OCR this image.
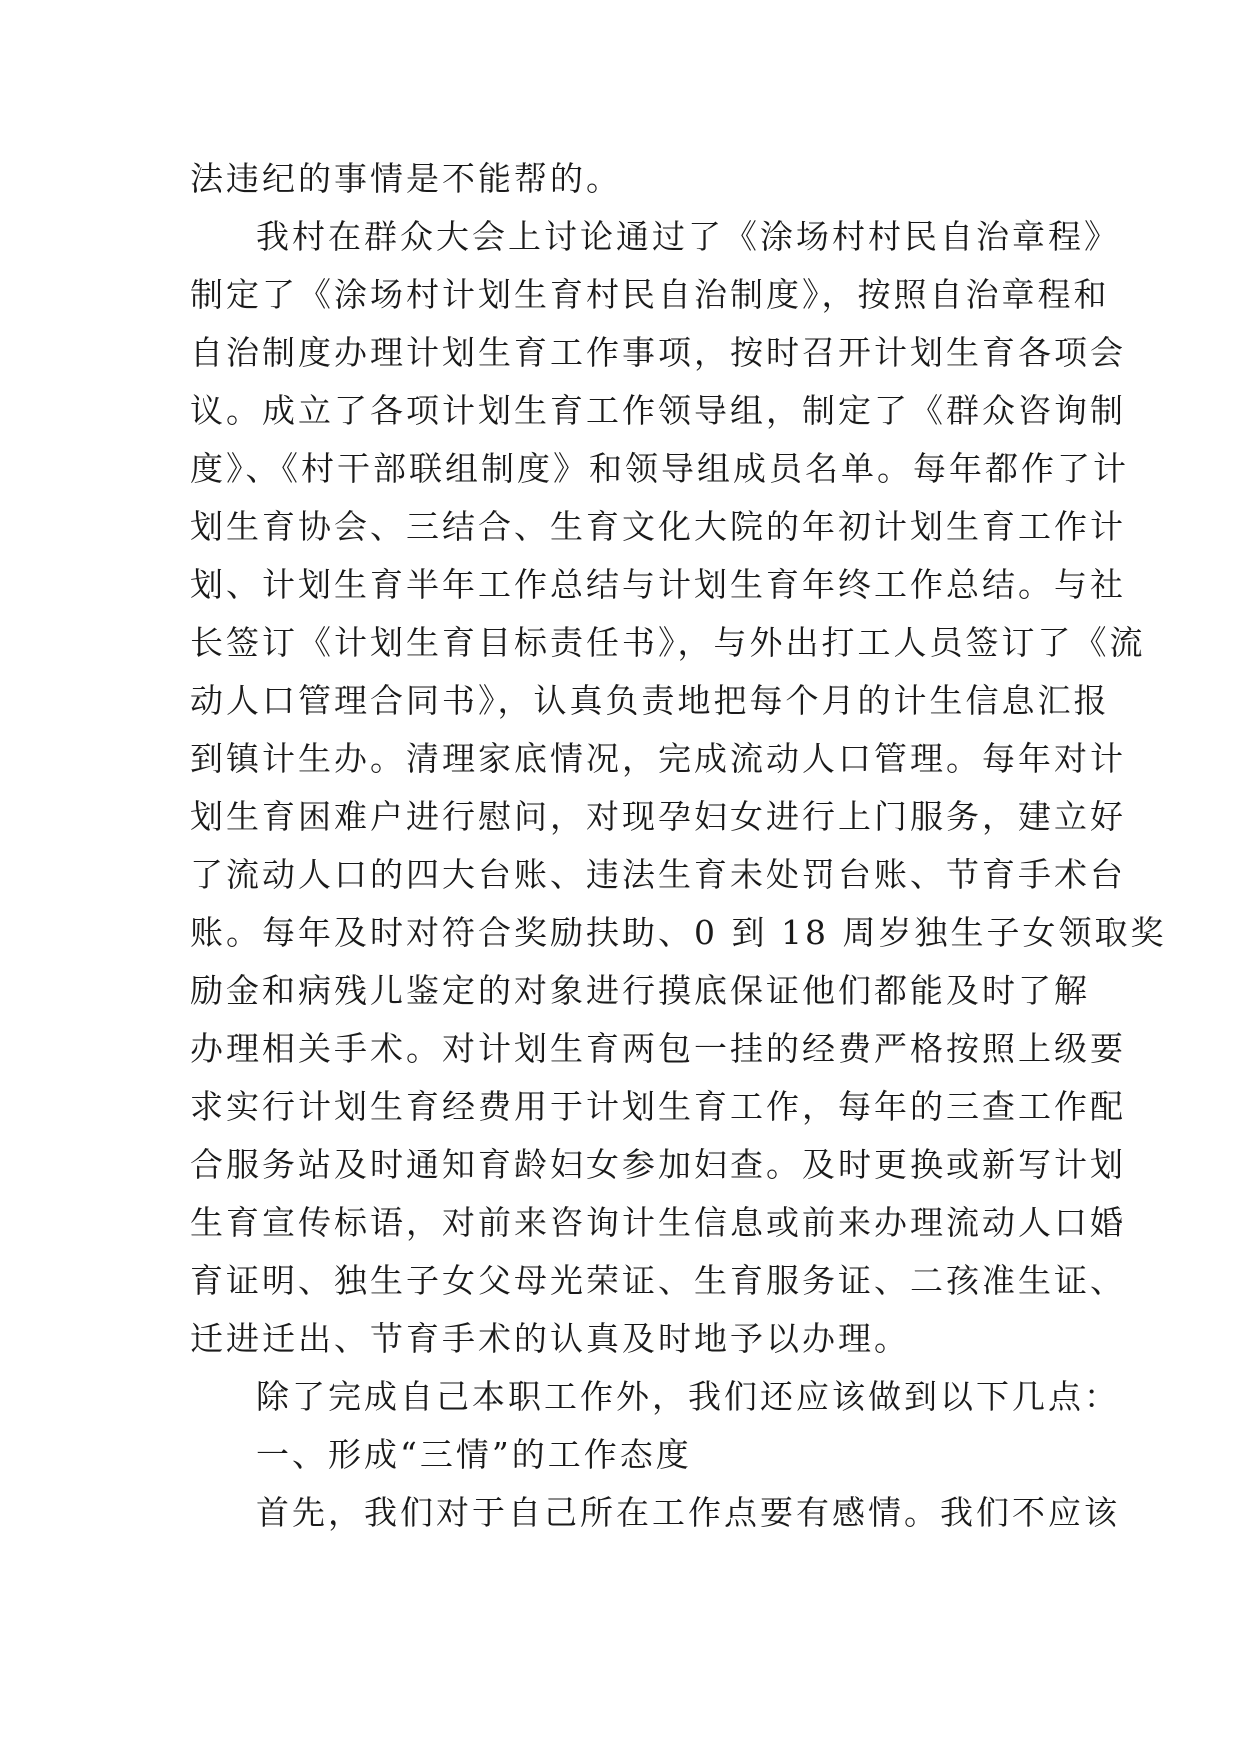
法违纪的事情是不能帮的。
我村在群众大会上讨论通过了《涂场村村民自治章程》
制定了《涂场村计划生育村民自治制度》，按照自治章程和
自治制度办理计划生育工作事项，按时召开计划生育各项会
议。成立了各项计划生育工作领导组，制定了《群众咨询制
度》、《村干部联组制度》和领导组成员名单。每年都作了计
划生育协会、三结合、生育文化大院的年初计划生育工作计
划、计划生育半年工作总结与计划生育年终工作总结。与社
长签订《计划生育目标责任书》，与外出打工人员签订了《流
动人口管理合同书》，认真负责地把每个月的计生信息汇报
到镇计生办。清理家底情况，完成流动人口管理。每年对计
划生育困难户进行慰问，对现孕妇女进行上门服务，建立好
了流动人口的四大台账、违法生育未处罚台账、节育手术台
账。每年及时对符合奖励扶助、0 到 18 周岁独生子女领取奖
励金和病残儿鉴定的对象进行摸底保证他们都能及时了解
办理相关手术。对计划生育两包一挂的经费严格按照上级要
求实行计划生育经费用于计划生育工作，每年的三查工作配
合服务站及时通知育龄妇女参加妇查。及时更换或新写计划
生育宣传标语，对前来咨询计生信息或前来办理流动人口婚
育证明、独生子女父母光荣证、生育服务证、二孩准生证、
迁进迁出、节育手术的认真及时地予以办理。
除了完成自己本职工作外，我们还应该做到以下几点：
一、形成“三情”的工作态度
首先，我们对于自己所在工作点要有感情。我们不应该
